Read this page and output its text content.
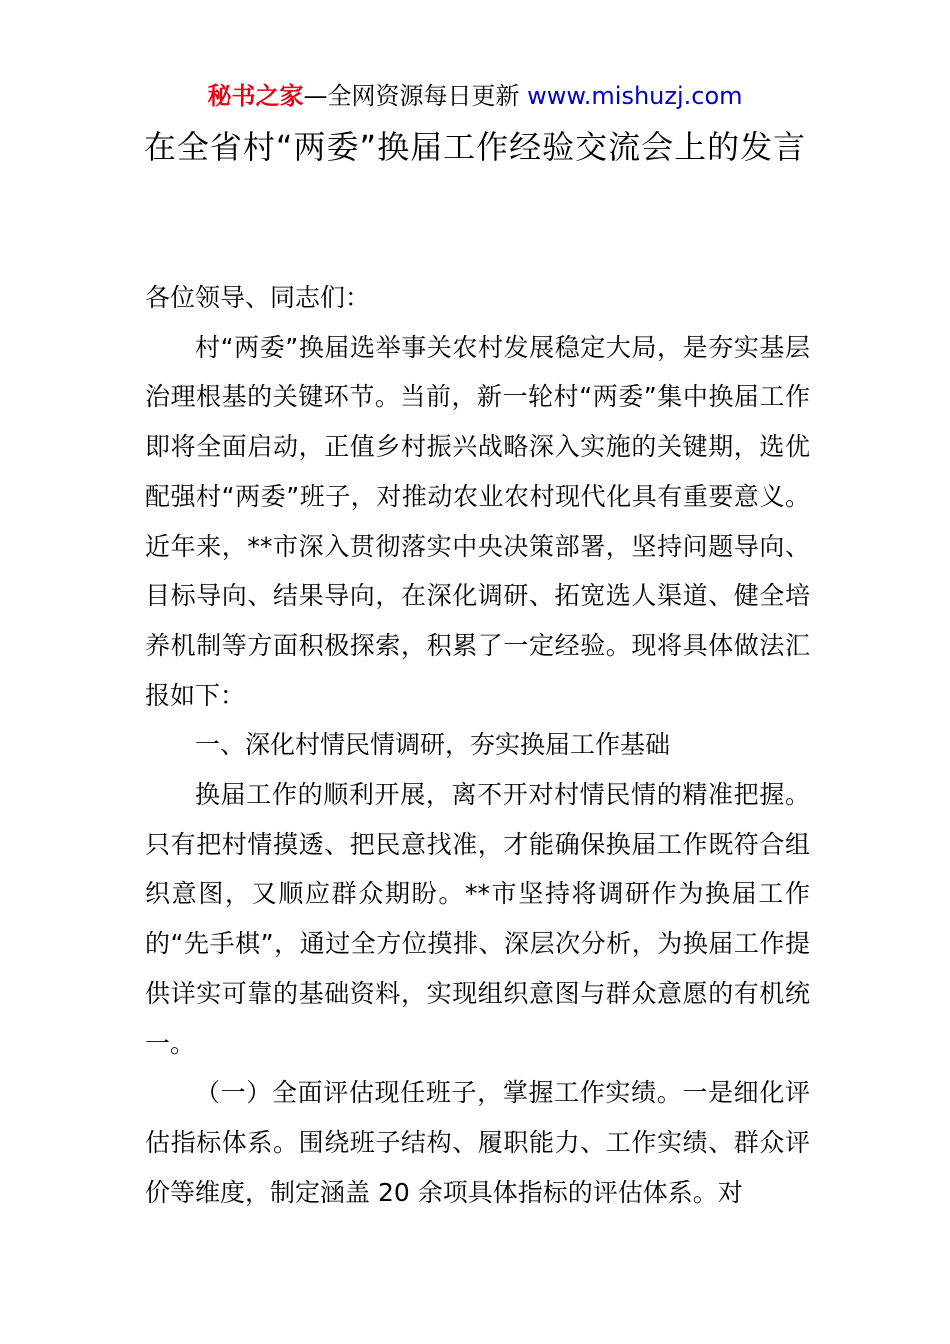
秘书之家—全网资源每日更新 www.mishuzj.com
在全省村“两委”换届工作经验交流会上的发言

各位领导、同志们：

村“两委”换届选举事关农村发展稳定大局，是夯实基层治理根基的关键环节。当前，新一轮村“两委”集中换届工作即将全面启动，正值乡村振兴战略深入实施的关键期，选优配强村“两委”班子，对推动农业农村现代化具有重要意义。近年来，**市深入贯彻落实中央决策部署，坚持问题导向、目标导向、结果导向，在深化调研、拓宽选人渠道、健全培养机制等方面积极探索，积累了一定经验。现将具体做法汇报如下：

一、深化村情民情调研，夯实换届工作基础

换届工作的顺利开展，离不开对村情民情的精准把握。只有把村情摸透、把民意找准，才能确保换届工作既符合组织意图，又顺应群众期盼。**市坚持将调研作为换届工作的“先手棋”，通过全方位摸排、深层次分析，为换届工作提供详实可靠的基础资料，实现组织意图与群众意愿的有机统一。

（一）全面评估现任班子，掌握工作实绩。一是细化评估指标体系。围绕班子结构、履职能力、工作实绩、群众评价等维度，制定涵盖 20 余项具体指标的评估体系。对
